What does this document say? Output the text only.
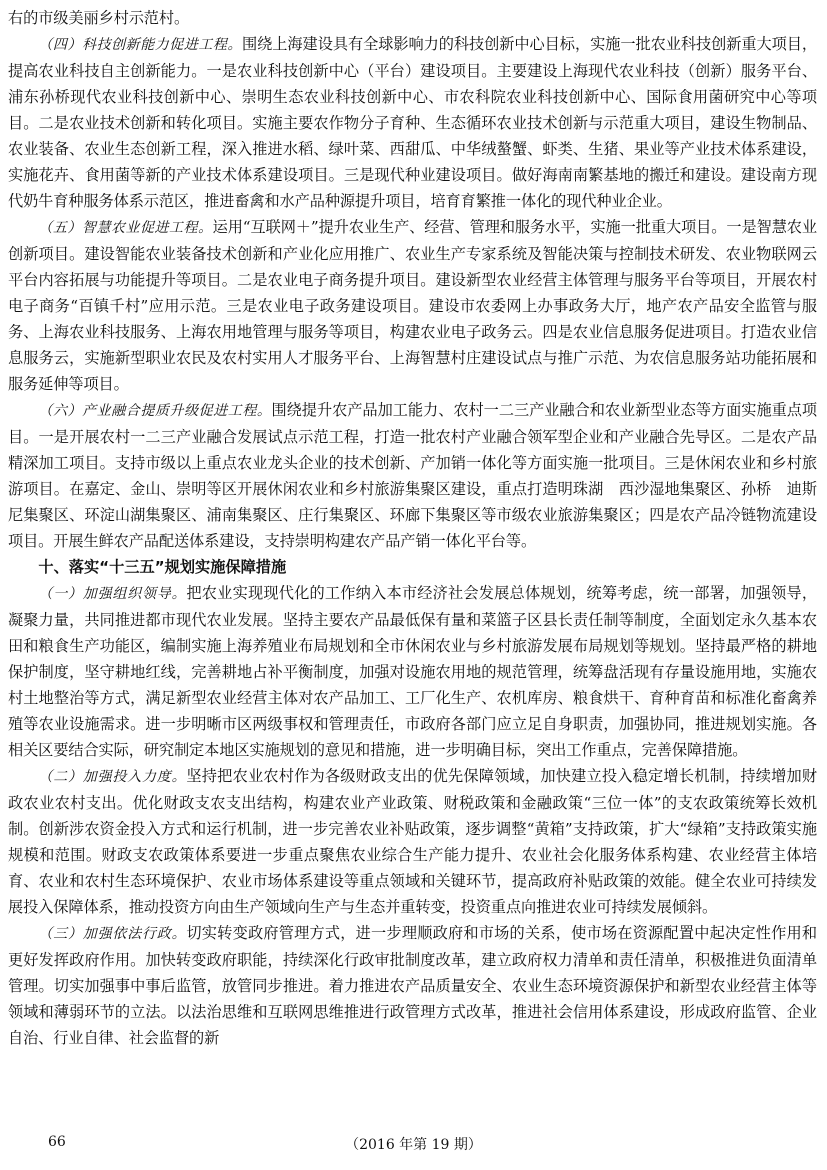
右的市级美丽乡村示范村。

（四）科技创新能力促进工程。围绕上海建设具有全球影响力的科技创新中心目标，实施一批农业科技创新重大项目，提高农业科技自主创新能力。一是农业科技创新中心（平台）建设项目。主要建设上海现代农业科技（创新）服务平台、浦东孙桥现代农业科技创新中心、崇明生态农业科技创新中心、市农科院农业科技创新中心、国际食用菌研究中心等项目。二是农业技术创新和转化项目。实施主要农作物分子育种、生态循环农业技术创新与示范重大项目，建设生物制品、农业装备、农业生态创新工程，深入推进水稻、绿叶菜、西甜瓜、中华绒螯蟹、虾类、生猪、果业等产业技术体系建设，实施花卉、食用菌等新的产业技术体系建设项目。三是现代种业建设项目。做好海南南繁基地的搬迁和建设。建设南方现代奶牛育种服务体系示范区，推进畜禽和水产品种源提升项目，培育育繁推一体化的现代种业企业。

（五）智慧农业促进工程。运用“互联网＋”提升农业生产、经营、管理和服务水平，实施一批重大项目。一是智慧农业创新项目。建设智能农业装备技术创新和产业化应用推广、农业生产专家系统及智能决策与控制技术研发、农业物联网云平台内容拓展与功能提升等项目。二是农业电子商务提升项目。建设新型农业经营主体管理与服务平台等项目，开展农村电子商务“百镇千村”应用示范。三是农业电子政务建设项目。建设市农委网上办事政务大厅，地产农产品安全监管与服务、上海农业科技服务、上海农用地管理与服务等项目，构建农业电子政务云。四是农业信息服务促进项目。打造农业信息服务云，实施新型职业农民及农村实用人才服务平台、上海智慧村庄建设试点与推广示范、为农信息服务站功能拓展和服务延伸等项目。

（六）产业融合提质升级促进工程。围绕提升农产品加工能力、农村一二三产业融合和农业新型业态等方面实施重点项目。一是开展农村一二三产业融合发展试点示范工程，打造一批农村产业融合领军型企业和产业融合先导区。二是农产品精深加工项目。支持市级以上重点农业龙头企业的技术创新、产加销一体化等方面实施一批项目。三是休闲农业和乡村旅游项目。在嘉定、金山、崇明等区开展休闲农业和乡村旅游集聚区建设，重点打造明珠湖　西沙湿地集聚区、孙桥　迪斯尼集聚区、环淀山湖集聚区、浦南集聚区、庄行集聚区、环廊下集聚区等市级农业旅游集聚区；四是农产品冷链物流建设项目。开展生鲜农产品配送体系建设，支持崇明构建农产品产销一体化平台等。

十、落实“十三五”规划实施保障措施

（一）加强组织领导。把农业实现现代化的工作纳入本市经济社会发展总体规划，统筹考虑，统一部署，加强领导，凝聚力量，共同推进都市现代农业发展。坚持主要农产品最低保有量和菜篮子区县长责任制等制度，全面划定永久基本农田和粮食生产功能区，编制实施上海养殖业布局规划和全市休闲农业与乡村旅游发展布局规划等规划。坚持最严格的耕地保护制度，坚守耕地红线，完善耕地占补平衡制度，加强对设施农用地的规范管理，统筹盘活现有存量设施用地，实施农村土地整治等方式，满足新型农业经营主体对农产品加工、工厂化生产、农机库房、粮食烘干、育种育苗和标准化畜禽养殖等农业设施需求。进一步明晰市区两级事权和管理责任，市政府各部门应立足自身职责，加强协同，推进规划实施。各相关区要结合实际，研究制定本地区实施规划的意见和措施，进一步明确目标，突出工作重点，完善保障措施。

（二）加强投入力度。坚持把农业农村作为各级财政支出的优先保障领域，加快建立投入稳定增长机制，持续增加财政农业农村支出。优化财政支农支出结构，构建农业产业政策、财税政策和金融政策“三位一体”的支农政策统筹长效机制。创新涉农资金投入方式和运行机制，进一步完善农业补贴政策，逐步调整“黄箱”支持政策，扩大“绿箱”支持政策实施规模和范围。财政支农政策体系要进一步重点聚焦农业综合生产能力提升、农业社会化服务体系构建、农业经营主体培育、农业和农村生态环境保护、农业市场体系建设等重点领域和关键环节，提高政府补贴政策的效能。健全农业可持续发展投入保障体系，推动投资方向由生产领域向生产与生态并重转变，投资重点向推进农业可持续发展倾斜。

（三）加强依法行政。切实转变政府管理方式，进一步理顺政府和市场的关系，使市场在资源配置中起决定性作用和更好发挥政府作用。加快转变政府职能，持续深化行政审批制度改革，建立政府权力清单和责任清单，积极推进负面清单管理。切实加强事中事后监管，放管同步推进。着力推进农产品质量安全、农业生态环境资源保护和新型农业经营主体等领域和薄弱环节的立法。以法治思维和互联网思维推进行政管理方式改革，推进社会信用体系建设，形成政府监管、企业自治、行业自律、社会监督的新

66	（2016 年第 19 期）
